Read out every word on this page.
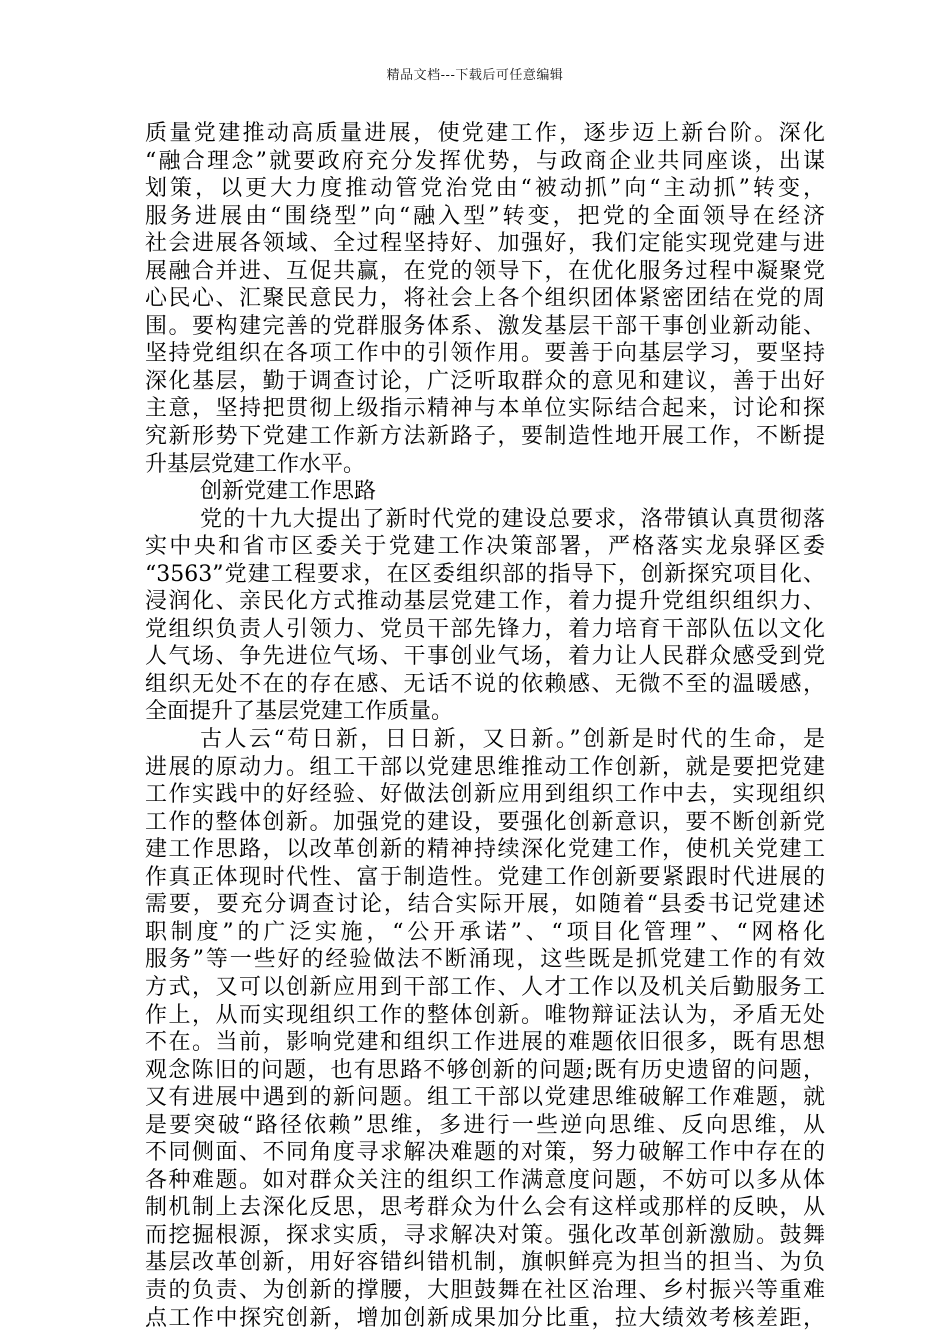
精品文档---下载后可任意编辑
质量党建推动高质量进展，使党建工作，逐步迈上新台阶。深化
“融合理念”就要政府充分发挥优势，与政商企业共同座谈，出谋
划策，以更大力度推动管党治党由“被动抓”向“主动抓”转变，
服务进展由“围绕型”向“融入型”转变，把党的全面领导在经济
社会进展各领域、全过程坚持好、加强好，我们定能实现党建与进
展融合并进、互促共赢，在党的领导下，在优化服务过程中凝聚党
心民心、汇聚民意民力，将社会上各个组织团体紧密团结在党的周
围。要构建完善的党群服务体系、激发基层干部干事创业新动能、
坚持党组织在各项工作中的引领作用。要善于向基层学习，要坚持
深化基层，勤于调查讨论，广泛听取群众的意见和建议，善于出好
主意，坚持把贯彻上级指示精神与本单位实际结合起来，讨论和探
究新形势下党建工作新方法新路子，要制造性地开展工作，不断提
升基层党建工作水平。
创新党建工作思路
党的十九大提出了新时代党的建设总要求，洛带镇认真贯彻落
实中央和省市区委关于党建工作决策部署，严格落实龙泉驿区委
“3563”党建工程要求，在区委组织部的指导下，创新探究项目化、
浸润化、亲民化方式推动基层党建工作，着力提升党组织组织力、
党组织负责人引领力、党员干部先锋力，着力培育干部队伍以文化
人气场、争先进位气场、干事创业气场，着力让人民群众感受到党
组织无处不在的存在感、无话不说的依赖感、无微不至的温暖感，
全面提升了基层党建工作质量。
古人云“苟日新，日日新，又日新。”创新是时代的生命，是
进展的原动力。组工干部以党建思维推动工作创新，就是要把党建
工作实践中的好经验、好做法创新应用到组织工作中去，实现组织
工作的整体创新。加强党的建设，要强化创新意识，要不断创新党
建工作思路，以改革创新的精神持续深化党建工作，使机关党建工
作真正体现时代性、富于制造性。党建工作创新要紧跟时代进展的
需要，要充分调查讨论，结合实际开展，如随着“县委书记党建述
职制度”的广泛实施，“公开承诺”、“项目化管理”、“网格化
服务”等一些好的经验做法不断涌现，这些既是抓党建工作的有效
方式，又可以创新应用到干部工作、人才工作以及机关后勤服务工
作上，从而实现组织工作的整体创新。唯物辩证法认为，矛盾无处
不在。当前，影响党建和组织工作进展的难题依旧很多，既有思想
观念陈旧的问题，也有思路不够创新的问题;既有历史遗留的问题，
又有进展中遇到的新问题。组工干部以党建思维破解工作难题，就
是要突破“路径依赖”思维，多进行一些逆向思维、反向思维，从
不同侧面、不同角度寻求解决难题的对策，努力破解工作中存在的
各种难题。如对群众关注的组织工作满意度问题，不妨可以多从体
制机制上去深化反思，思考群众为什么会有这样或那样的反映，从
而挖掘根源，探求实质，寻求解决对策。强化改革创新激励。鼓舞
基层改革创新，用好容错纠错机制，旗帜鲜亮为担当的担当、为负
责的负责、为创新的撑腰，大胆鼓舞在社区治理、乡村振兴等重难
点工作中探究创新，增加创新成果加分比重，拉大绩效考核差距，
